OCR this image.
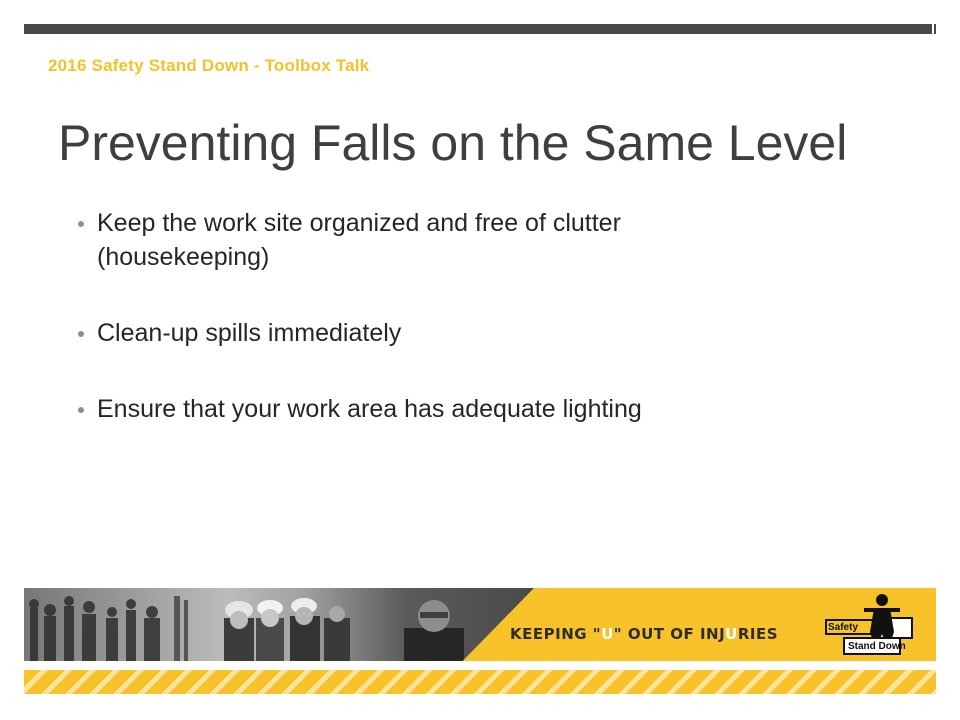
2016 Safety Stand Down - Toolbox Talk
Preventing Falls on the Same Level
Keep the work site organized and free of clutter
(housekeeping)
Clean-up spills immediately
Ensure that your work area has adequate lighting
KEEPING "U" OUT OF INJURIES	Safety
Stand Down
